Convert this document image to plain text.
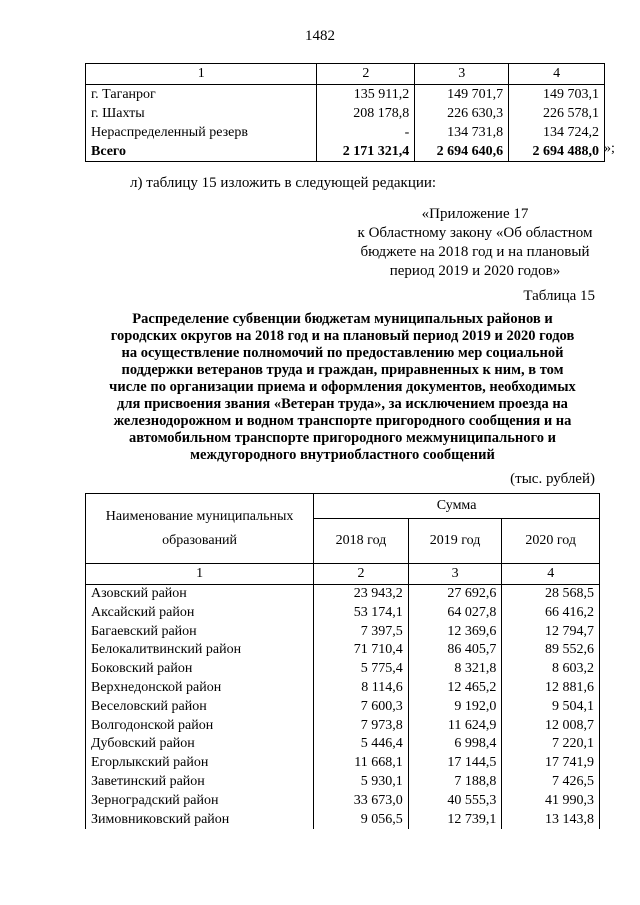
1482
1	2	3	4
г. Таганрог	135 911,2	149 701,7	149 703,1
г. Шахты	208 178,8	226 630,3	226 578,1
Нераспределенный резерв	-	134 731,8	134 724,2
Всего	2 171 321,4	2 694 640,6	2 694 488,0 »;
л) таблицу 15 изложить в следующей редакции:
«Приложение 17
к Областному закону «Об областном
бюджете на 2018 год и на плановый
период 2019 и 2020 годов»
Таблица 15
Распределение субвенции бюджетам муниципальных районов и
городских округов на 2018 год и на плановый период 2019 и 2020 годов
на осуществление полномочий по предоставлению мер социальной
поддержки ветеранов труда и граждан, приравненных к ним, в том
числе по организации приема и оформления документов, необходимых
для присвоения звания «Ветеран труда», за исключением проезда на
железнодорожном и водном транспорте пригородного сообщения и на
автомобильном транспорте пригородного межмуниципального и
междугородного внутриобластного сообщений
(тыс. рублей)
Наименование муниципальных образований	Сумма		
	2018 год	2019 год	2020 год
1	2	3	4
Азовский район	23 943,2	27 692,6	28 568,5
Аксайский район	53 174,1	64 027,8	66 416,2
Багаевский район	7 397,5	12 369,6	12 794,7
Белокалитвинский район	71 710,4	86 405,7	89 552,6
Боковский район	5 775,4	8 321,8	8 603,2
Верхнедонской район	8 114,6	12 465,2	12 881,6
Веселовский район	7 600,3	9 192,0	9 504,1
Волгодонской район	7 973,8	11 624,9	12 008,7
Дубовский район	5 446,4	6 998,4	7 220,1
Егорлыкский район	11 668,1	17 144,5	17 741,9
Заветинский район	5 930,1	7 188,8	7 426,5
Зерноградский район	33 673,0	40 555,3	41 990,3
Зимовниковский район	9 056,5	12 739,1	13 143,8
